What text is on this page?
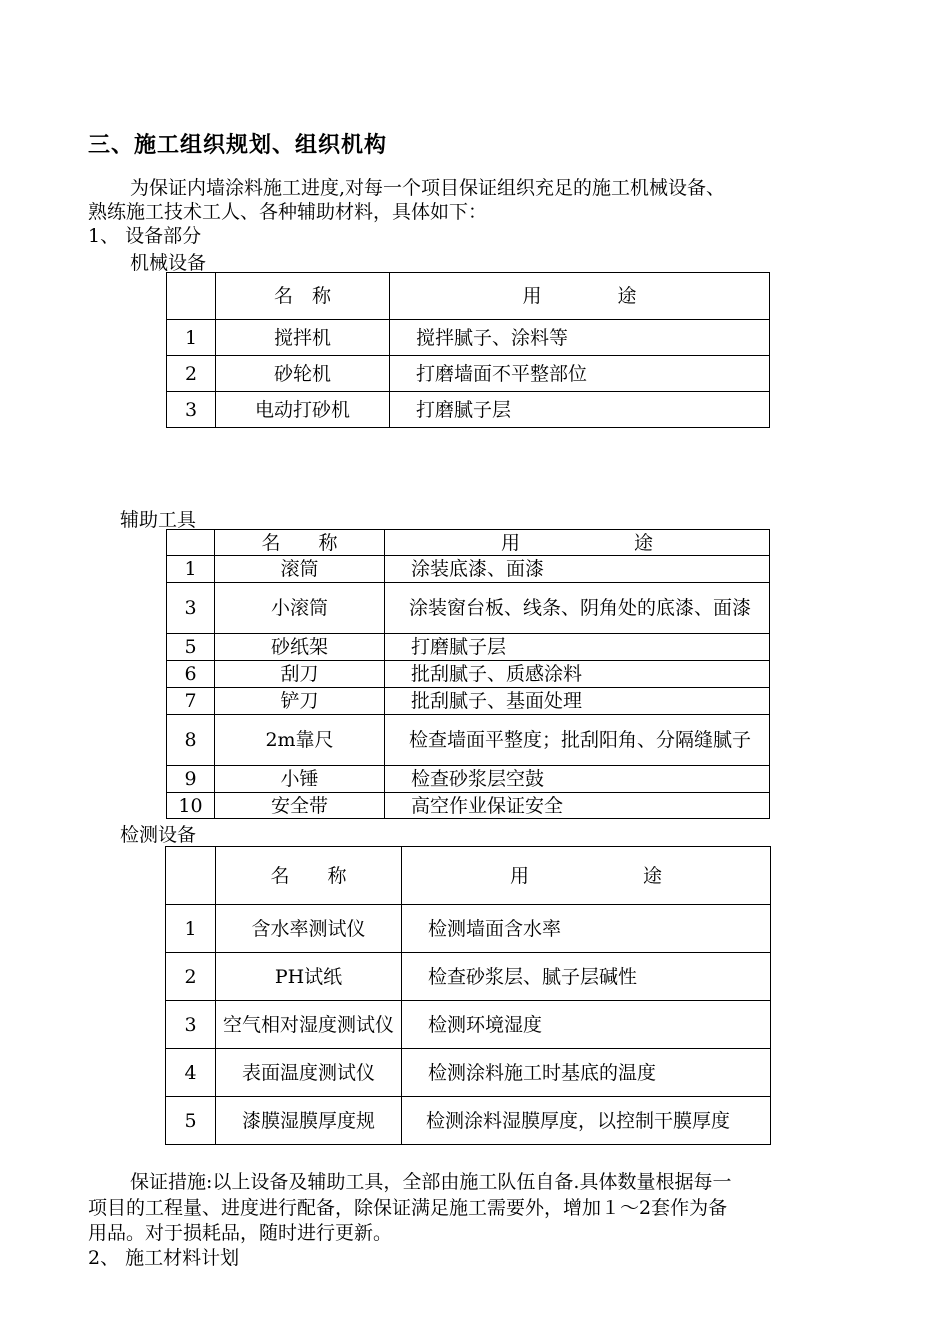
三、施工组织规划、组织机构
为保证内墙涂料施工进度,对每一个项目保证组织充足的施工机械设备、
熟练施工技术工人、各种辅助材料，具体如下：
1、 设备部分
机械设备
	名　称	用　　　　途
1	搅拌机	搅拌腻子、涂料等
2	砂轮机	打磨墙面不平整部位
3	电动打砂机	打磨腻子层
辅助工具
	名　　称	用　　　　　　途
1	滚筒	涂装底漆、面漆
3	小滚筒	涂装窗台板、线条、阴角处的底漆、面漆
5	砂纸架	打磨腻子层
6	刮刀	批刮腻子、质感涂料
7	铲刀	批刮腻子、基面处理
8	2m靠尺	检查墙面平整度；批刮阳角、分隔缝腻子
9	小锤	检查砂浆层空鼓
10	安全带	高空作业保证安全
检测设备
	名　　称	用　　　　　　途
1	含水率测试仪	检测墙面含水率
2	PH试纸	检查砂浆层、腻子层碱性
3	空气相对湿度测试仪	检测环境湿度
4	表面温度测试仪	检测涂料施工时基底的温度
5	漆膜湿膜厚度规	检测涂料湿膜厚度，以控制干膜厚度
保证措施:以上设备及辅助工具，全部由施工队伍自备.具体数量根据每一
项目的工程量、进度进行配备，除保证满足施工需要外，增加１～2套作为备
用品。对于损耗品，随时进行更新。
2、 施工材料计划
